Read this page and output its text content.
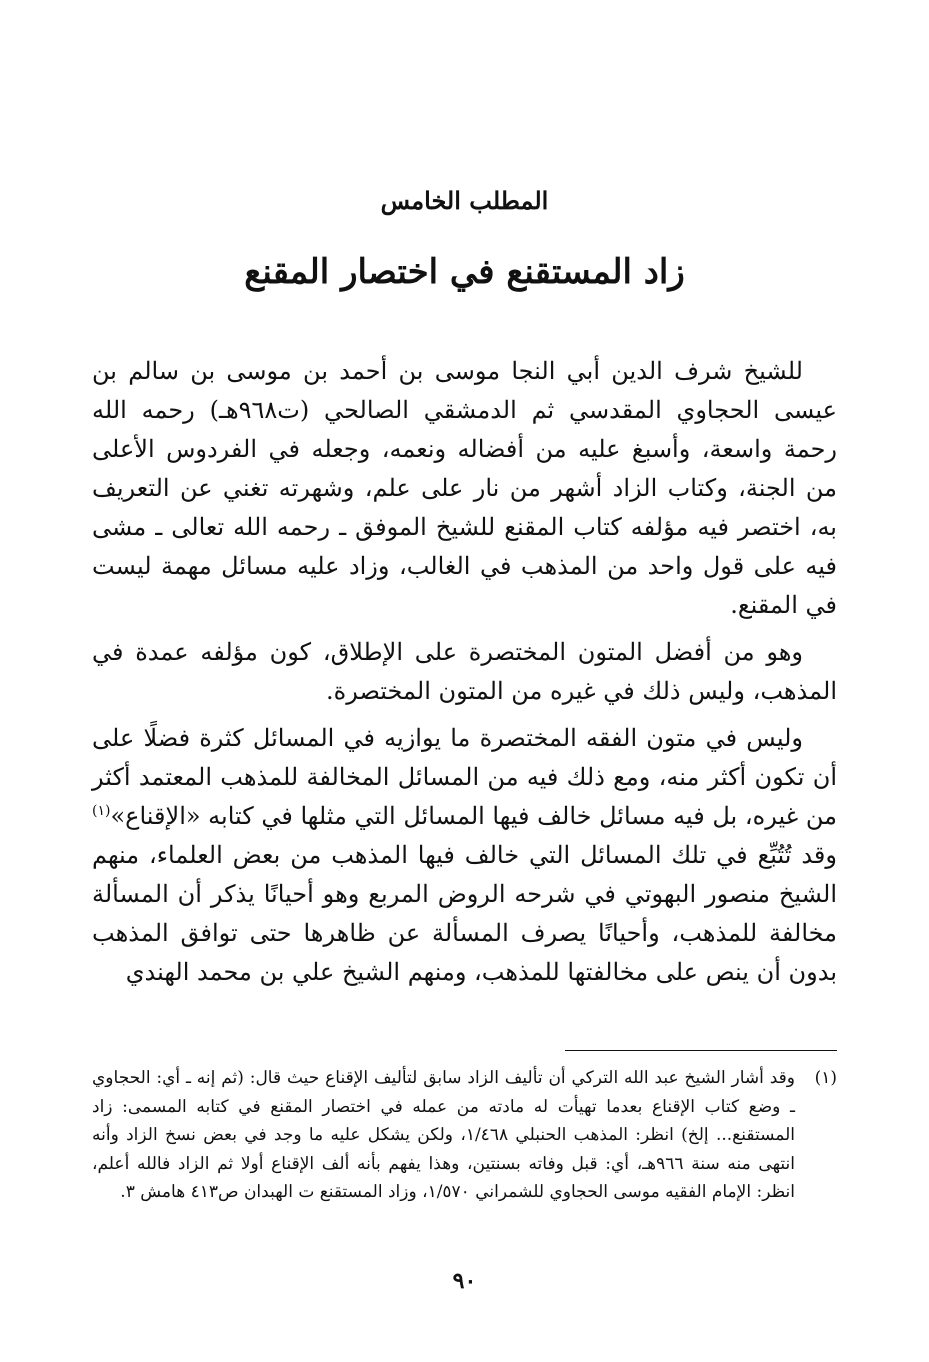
المطلب الخامس
زاد المستقنع في اختصار المقنع

للشيخ شرف الدين أبي النجا موسى بن أحمد بن موسى بن سالم بن عيسى الحجاوي المقدسي ثم الدمشقي الصالحي (ت٩٦٨هـ) رحمه الله رحمة واسعة، وأسبغ عليه من أفضاله ونعمه، وجعله في الفردوس الأعلى من الجنة، وكتاب الزاد أشهر من نار على علم، وشهرته تغني عن التعريف به، اختصر فيه مؤلفه كتاب المقنع للشيخ الموفق ـ رحمه الله تعالى ـ مشى فيه على قول واحد من المذهب في الغالب، وزاد عليه مسائل مهمة ليست في المقنع.

وهو من أفضل المتون المختصرة على الإطلاق، كون مؤلفه عمدة في المذهب، وليس ذلك في غيره من المتون المختصرة.

وليس في متون الفقه المختصرة ما يوازيه في المسائل كثرة فضلًا على أن تكون أكثر منه، ومع ذلك فيه من المسائل المخالفة للمذهب المعتمد أكثر من غيره، بل فيه مسائل خالف فيها المسائل التي مثلها في كتابه «الإقناع»$^{(١)}$ وقد تُتُبِّع في تلك المسائل التي خالف فيها المذهب من بعض العلماء، منهم الشيخ منصور البهوتي في شرحه الروض المربع وهو أحيانًا يذكر أن المسألة مخالفة للمذهب، وأحيانًا يصرف المسألة عن ظاهرها حتى توافق المذهب بدون أن ينص على مخالفتها للمذهب، ومنهم الشيخ علي بن محمد الهندي

(١)
وقد أشار الشيخ عبد الله التركي أن تأليف الزاد سابق لتأليف الإقناع حيث قال: (ثم إنه ـ أي: الحجاوي ـ وضع كتاب الإقناع بعدما تهيأت له مادته من عمله في اختصار المقنع في كتابه المسمى: زاد المستقنع... إلخ) انظر: المذهب الحنبلي ١/٤٦٨، ولكن يشكل عليه ما وجد في بعض نسخ الزاد وأنه انتهى منه سنة ٩٦٦هـ، أي: قبل وفاته بسنتين، وهذا يفهم بأنه ألف الإقناع أولا ثم الزاد فالله أعلم، انظر: الإمام الفقيه موسى الحجاوي للشمراني ١/٥٧٠، وزاد المستقنع ت الهبدان ص٤١٣ هامش ٣.
٩٠
